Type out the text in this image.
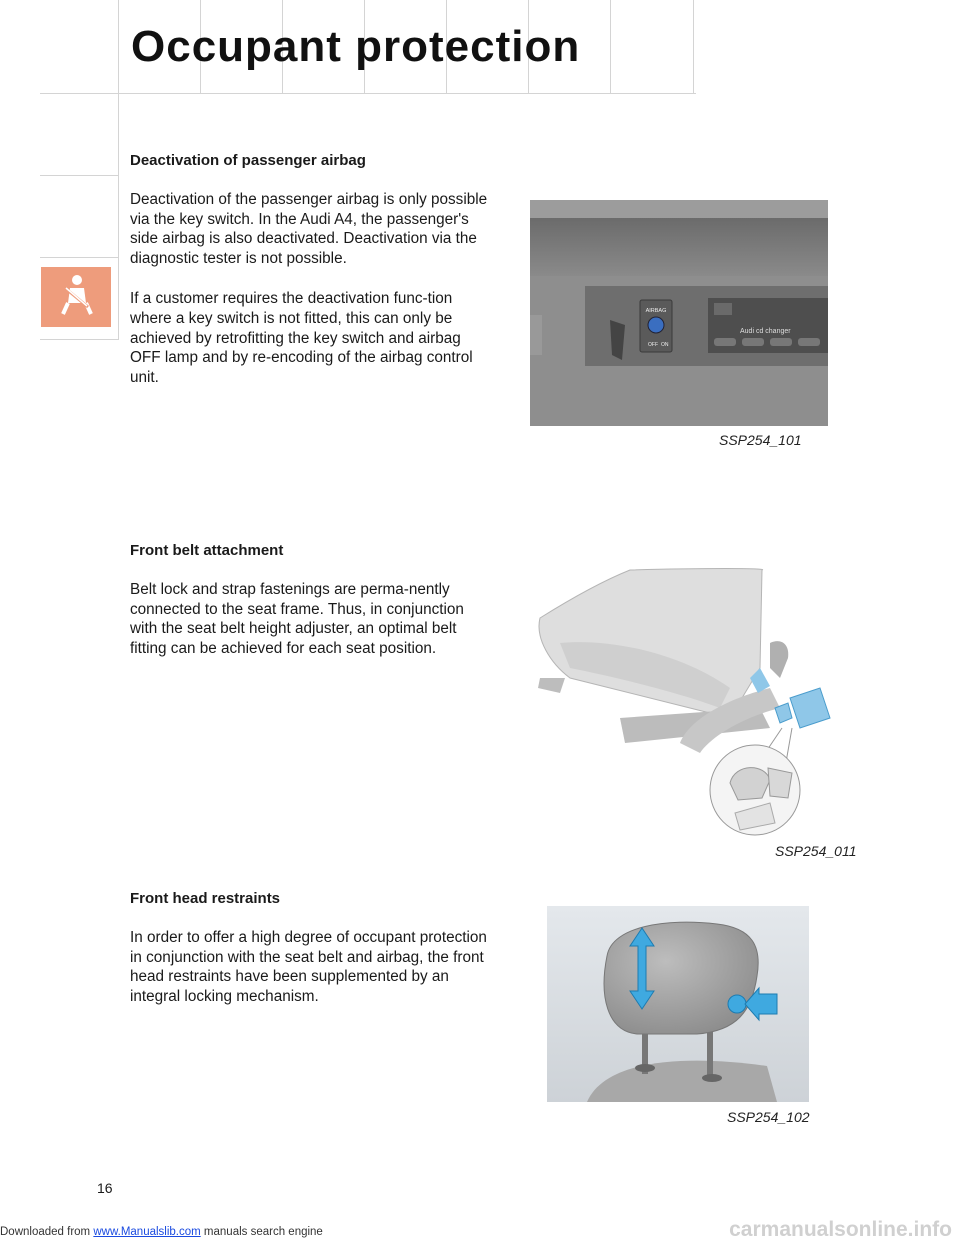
Occupant protection
Deactivation of passenger airbag

Deactivation of the passenger airbag is only possible via the key switch. In the Audi A4, the passenger's side airbag is also deactivated. Deactivation via the diagnostic tester is not possible.

If a customer requires the deactivation func-tion where a key switch is not fitted, this can only be achieved by retrofitting the key switch and airbag OFF lamp and by re-encoding of the airbag control unit.

AIRBAG
OFF ON
Audi cd changer
SSP254_101
Front belt attachment

Belt lock and strap fastenings are perma-nently connected to the seat frame. Thus, in conjunction with the seat belt height adjuster, an optimal belt fitting can be achieved for each seat position.

SSP254_011
Front head restraints

In order to offer a high degree of occupant protection in conjunction with the seat belt and airbag, the front head restraints have been supplemented by an integral locking mechanism.

SSP254_102
16
Downloaded from www.Manualslib.com manuals search engine	carmanualsonline.info
